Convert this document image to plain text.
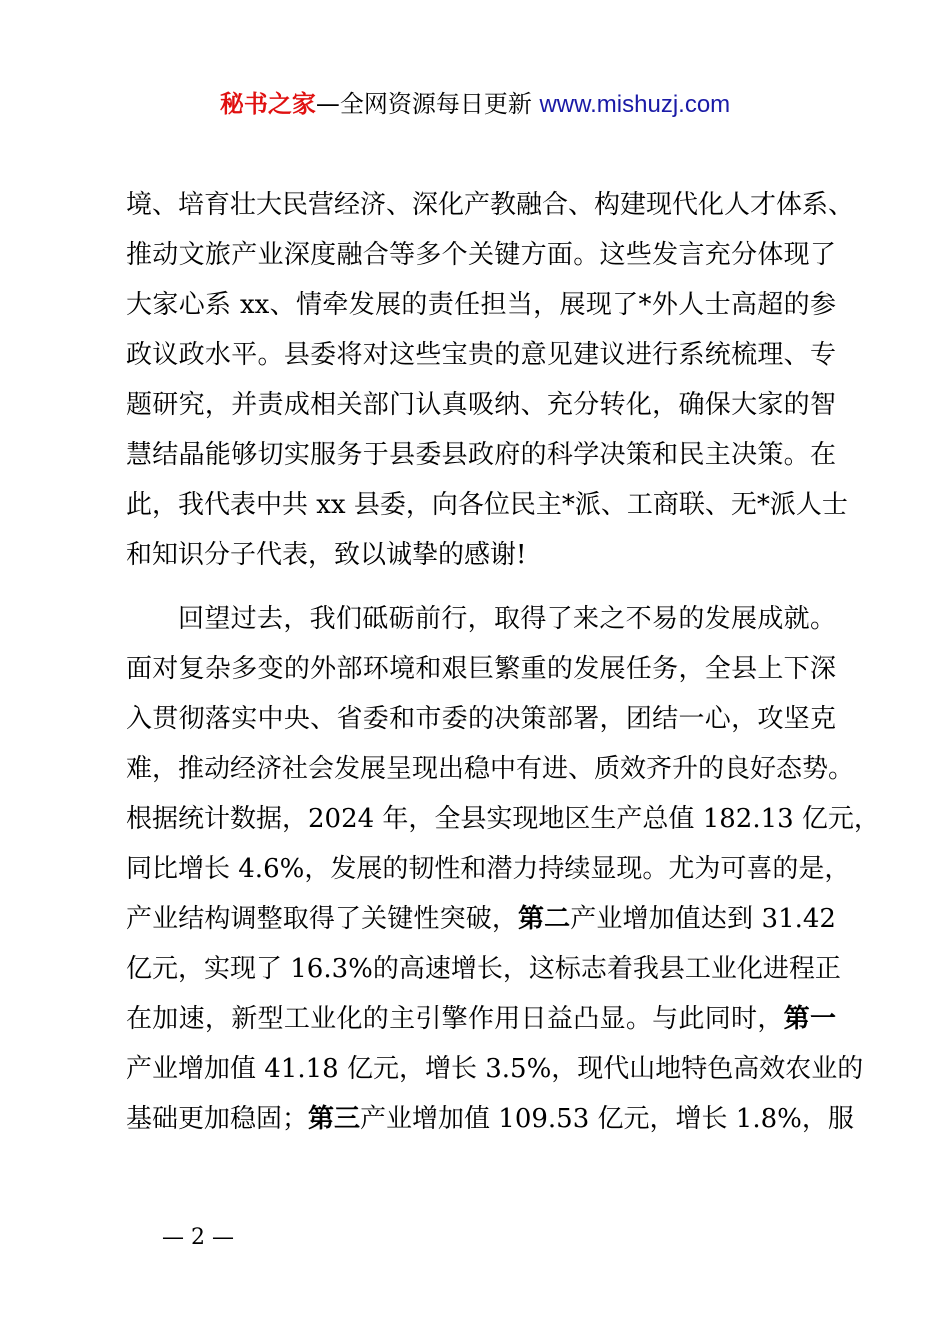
秘书之家—全网资源每日更新 www.mishuzj.com

境、培育壮大民营经济、深化产教融合、构建现代化人才体系、
推动文旅产业深度融合等多个关键方面。这些发言充分体现了
大家心系 xx、情牵发展的责任担当，展现了*外人士高超的参
政议政水平。县委将对这些宝贵的意见建议进行系统梳理、专
题研究，并责成相关部门认真吸纳、充分转化，确保大家的智
慧结晶能够切实服务于县委县政府的科学决策和民主决策。在
此，我代表中共 xx 县委，向各位民主*派、工商联、无*派人士
和知识分子代表，致以诚挚的感谢!

回望过去，我们砥砺前行，取得了来之不易的发展成就。
面对复杂多变的外部环境和艰巨繁重的发展任务，全县上下深
入贯彻落实中央、省委和市委的决策部署，团结一心，攻坚克
难，推动经济社会发展呈现出稳中有进、质效齐升的良好态势。
根据统计数据，2024 年，全县实现地区生产总值 182.13 亿元，
同比增长 4.6%，发展的韧性和潜力持续显现。尤为可喜的是，
产业结构调整取得了关键性突破，第二产业增加值达到 31.42
亿元，实现了 16.3%的高速增长，这标志着我县工业化进程正
在加速，新型工业化的主引擎作用日益凸显。与此同时，第一
产业增加值 41.18 亿元，增长 3.5%，现代山地特色高效农业的
基础更加稳固；第三产业增加值 109.53 亿元，增长 1.8%，服

— 2 —
